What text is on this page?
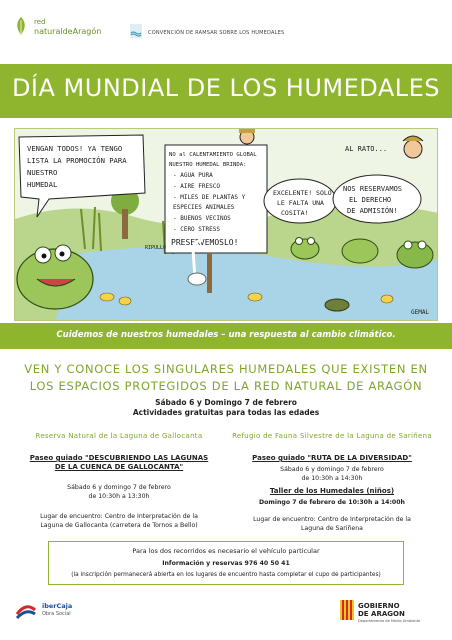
red
naturaldeAragón	CONVENCIÓN DE RAMSAR SOBRE LOS HUMEDALES
DÍA MUNDIAL DE LOS HUMEDALES
VENGAN TODOS! YA TENGO
LISTA LA PROMOCIÓN PARA
NUESTRO
HUMEDAL
NO al CALENTAMIENTO GLOBAL
NUESTRO HUMEDAL BRINDA:
- AGUA PURA
- AIRE FRESCO
- MILES DE PLANTAS Y
ESPECIES ANIMALES
- BUENOS VECINOS
- CERO STRESS
PRESERVEMOSLO!
EXCELENTE! SOLO
LE FALTA UNA
COSITA!
AL RATO...
NOS RESERVAMOS
EL DERECHO
DE ADMISIÓN!
RIPULLO
GEMAL
Cuidemos de nuestros humedales – una respuesta al cambio climático.
VEN Y CONOCE LOS SINGULARES HUMEDALES QUE EXISTEN EN
LOS ESPACIOS PROTEGIDOS DE LA RED NATURAL DE ARAGÓN
Sábado 6 y Domingo 7 de febrero
Actividades gratuitas para todas las edades
Reserva Natural de la Laguna de Gallocanta
Paseo guiado "DESCUBRIENDO LAS LAGUNAS
DE LA CUENCA DE GALLOCANTA"
Sábado 6 y domingo 7 de febrero
de 10:30h a 13:30h
Lugar de encuentro: Centro de Interpretación de la
Laguna de Gallocanta (carretera de Tornos a Bello)
Refugio de Fauna Silvestre de la Laguna de Sariñena
Paseo guiado "RUTA DE LA DIVERSIDAD"
Sábado 6 y domingo 7 de febrero
de 10:30h a 14:30h
Taller de los Humedales (niños)
Domingo 7 de febrero de 10:30h a 14:00h
Lugar de encuentro: Centro de Interpretación de la
Laguna de Sariñena
Para los dos recorridos es necesario el vehículo particular
Información y reservas 976 40 50 41
(la inscripción permanecerá abierta en los lugares de encuentro hasta completar el cupo de participantes)
iberCaja
Obra Social
GOBIERNO
DE ARAGON
Departamento de Medio Ambiente
